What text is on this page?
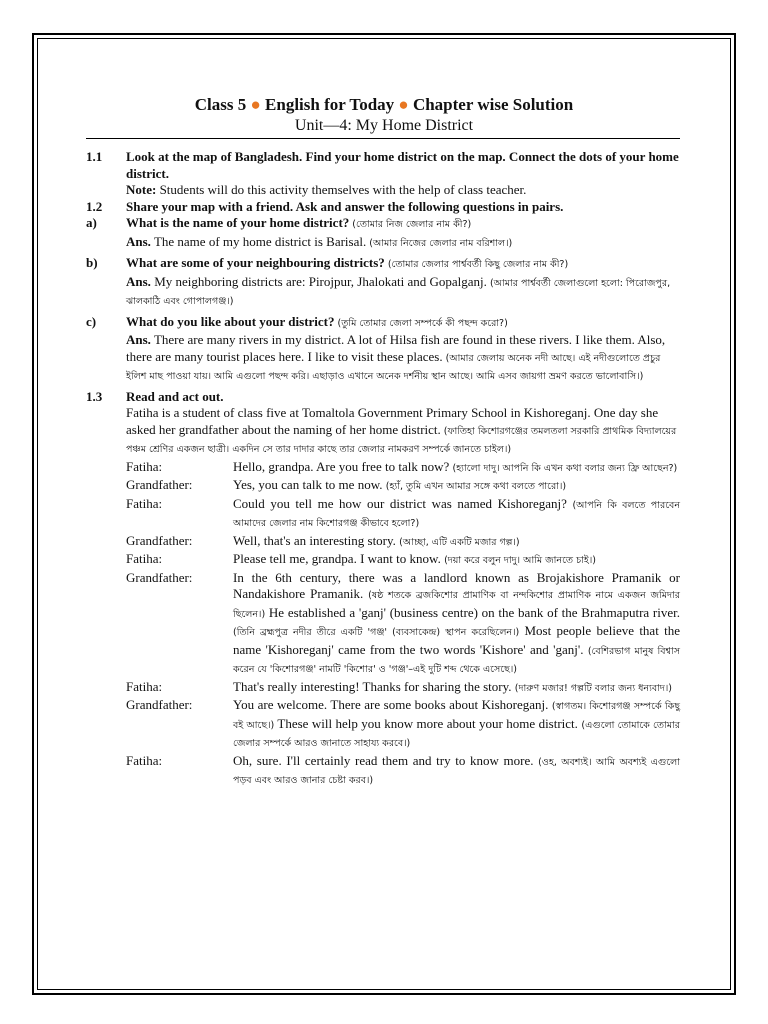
Class 5 ● English for Today ● Chapter wise Solution
Unit—4: My Home District
1.1	Look at the map of Bangladesh. Find your home district on the map. Connect the dots of your home district.
Note: Students will do this activity themselves with the help of class teacher.
1.2	Share your map with a friend. Ask and answer the following questions in pairs.
a)	What is the name of your home district? (তোমার নিজ জেলার নাম কী?)
Ans. The name of my home district is Barisal. (আমার নিজের জেলার নাম বরিশাল।)
b)	What are some of your neighbouring districts? (তোমার জেলার পার্শ্ববর্তী কিছু জেলার নাম কী?)
Ans. My neighboring districts are: Pirojpur, Jhalokati and Gopalganj. (আমার পার্শ্ববর্তী জেলাগুলো হলো: পিরোজপুর, ঝালকাঠি এবং গোপালগঞ্জ।)
c)	What do you like about your district? (তুমি তোমার জেলা সম্পর্কে কী পছন্দ করো?)
Ans. There are many rivers in my district. A lot of Hilsa fish are found in these rivers. I like them. Also, there are many tourist places here. I like to visit these places. (আমার জেলায় অনেক নদী আছে। এই নদীগুলোতে প্রচুর ইলিশ মাছ পাওয়া যায়। আমি এগুলো পছন্দ করি। এছাড়াও এখানে অনেক দর্শনীয় স্থান আছে। আমি এসব জায়গা ভ্রমণ করতে ভালোবাসি।)
1.3	Read and act out.
Fatiha is a student of class five at Tomaltola Government Primary School in Kishoreganj. One day she asked her grandfather about the naming of her home district. (ফাতিহা কিশোরগঞ্জের তমলতলা সরকারি প্রাথমিক বিদ্যালয়ের পঞ্চম শ্রেণির একজন ছাত্রী। একদিন সে তার দাদার কাছে তার জেলার নামকরণ সম্পর্কে জানতে চাইল।)
Fatiha:	Hello, grandpa. Are you free to talk now? (হ্যালো দাদু। আপনি কি এখন কথা বলার জন্য ফ্রি আছেন?)
Grandfather:	Yes, you can talk to me now. (হ্যাঁ, তুমি এখন আমার সঙ্গে কথা বলতে পারো।)
Fatiha:	Could you tell me how our district was named Kishoreganj? (আপনি কি বলতে পারবেন আমাদের জেলার নাম কিশোরগঞ্জ কীভাবে হলো?)
Grandfather:	Well, that's an interesting story. (আচ্ছা, এটি একটি মজার গল্প।)
Fatiha:	Please tell me, grandpa. I want to know. (দয়া করে বলুন দাদু। আমি জানতে চাই।)
Grandfather:	In the 6th century, there was a landlord known as Brojakishore Pramanik or Nandakishore Pramanik. (ষষ্ঠ শতকে ব্রজকিশোর প্রামাণিক বা নন্দকিশোর প্রামাণিক নামে একজন জমিদার ছিলেন।) He established a 'ganj' (business centre) on the bank of the Brahmaputra river. (তিনি ব্রহ্মপুত্র নদীর তীরে একটি 'গঞ্জ' (ব্যবসাকেন্দ্র) স্থাপন করেছিলেন।) Most people believe that the name 'Kishoreganj' came from the two words 'Kishore' and 'ganj'. (বেশিরভাগ মানুষ বিশ্বাস করেন যে 'কিশোরগঞ্জ' নামটি 'কিশোর' ও 'গঞ্জ'–এই দুটি শব্দ থেকে এসেছে।)
Fatiha:	That's really interesting! Thanks for sharing the story. (দারুণ মজার! গল্পটি বলার জন্য ধন্যবাদ।)
Grandfather:	You are welcome. There are some books about Kishoreganj. (স্বাগতম। কিশোরগঞ্জ সম্পর্কে কিছু বই আছে।) These will help you know more about your home district. (এগুলো তোমাকে তোমার জেলার সম্পর্কে আরও জানাতে সাহায্য করবে।)
Fatiha:	Oh, sure. I'll certainly read them and try to know more. (ওহ, অবশ্যই। আমি অবশ্যই এগুলো পড়ব এবং আরও জানার চেষ্টা করব।)
